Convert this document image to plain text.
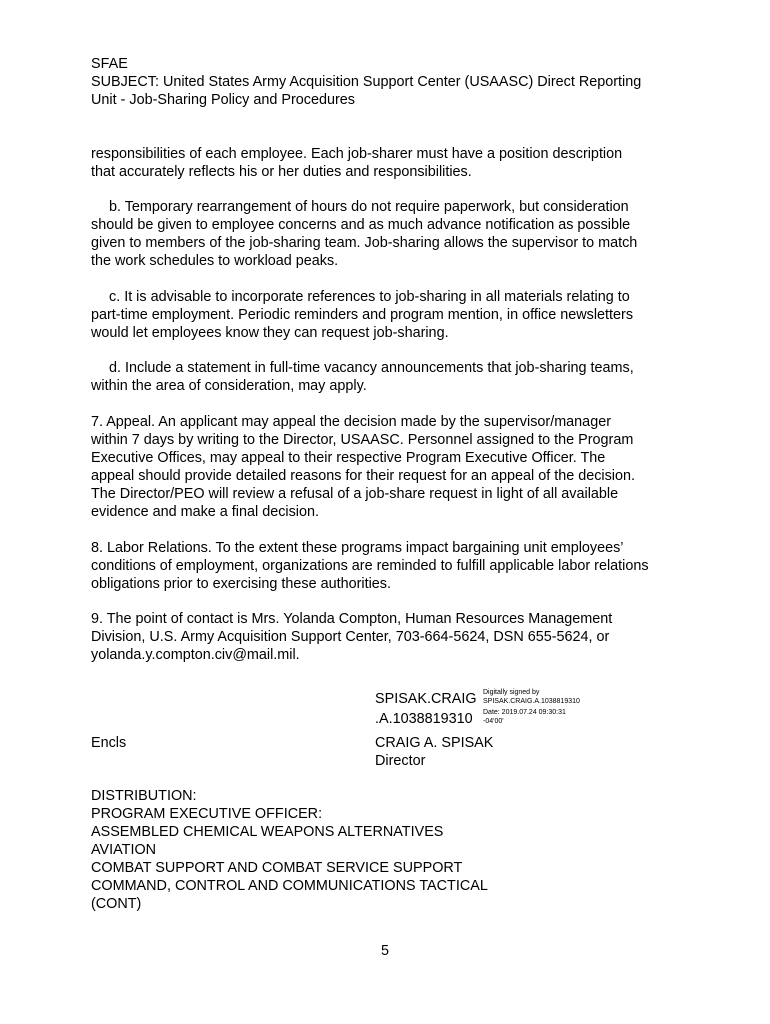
SFAE
SUBJECT: United States Army Acquisition Support Center (USAASC) Direct Reporting
Unit - Job-Sharing Policy and Procedures

responsibilities of each employee. Each job-sharer must have a position description
that accurately reflects his or her duties and responsibilities.

b. Temporary rearrangement of hours do not require paperwork, but consideration
should be given to employee concerns and as much advance notification as possible
given to members of the job-sharing team. Job-sharing allows the supervisor to match
the work schedules to workload peaks.

c. It is advisable to incorporate references to job-sharing in all materials relating to
part-time employment. Periodic reminders and program mention, in office newsletters
would let employees know they can request job-sharing.

d. Include a statement in full-time vacancy announcements that job-sharing teams,
within the area of consideration, may apply.

7. Appeal. An applicant may appeal the decision made by the supervisor/manager
within 7 days by writing to the Director, USAASC. Personnel assigned to the Program
Executive Offices, may appeal to their respective Program Executive Officer. The
appeal should provide detailed reasons for their request for an appeal of the decision.
The Director/PEO will review a refusal of a job-share request in light of all available
evidence and make a final decision.

8. Labor Relations. To the extent these programs impact bargaining unit employees’
conditions of employment, organizations are reminded to fulfill applicable labor relations
obligations prior to exercising these authorities.

9. The point of contact is Mrs. Yolanda Compton, Human Resources Management
Division, U.S. Army Acquisition Support Center, 703-664-5624, DSN 655-5624, or
yolanda.y.compton.civ@mail.mil.

SPISAK.CRAIG
.A.1038819310
Digitally signed by
SPISAK.CRAIG.A.1038819310
Date: 2019.07.24 09:30:31
-04'00'
Encls	CRAIG A. SPISAK
Director
DISTRIBUTION:
PROGRAM EXECUTIVE OFFICER:
ASSEMBLED CHEMICAL WEAPONS ALTERNATIVES
AVIATION
COMBAT SUPPORT AND COMBAT SERVICE SUPPORT
COMMAND, CONTROL AND COMMUNICATIONS TACTICAL
(CONT)
5
